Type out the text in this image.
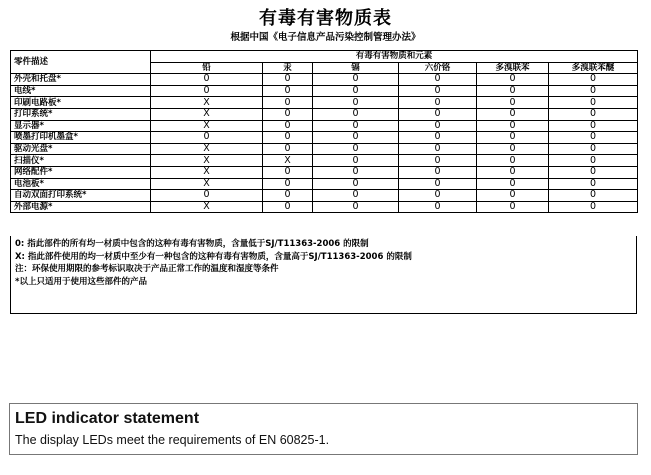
有毒有害物质表
根据中国《电子信息产品污染控制管理办法》
零件描述	有毒有害物质和元素					
	铅	汞	镉	六价铬	多溴联苯	多溴联苯醚
外壳和托盘*	0	0	0	0	0	0
电线*	0	0	0	0	0	0
印刷电路板*	X	0	0	0	0	0
打印系统*	X	0	0	0	0	0
显示器*	X	0	0	0	0	0
喷墨打印机墨盒*	0	0	0	0	0	0
驱动光盘*	X	0	0	0	0	0
扫描仪*	X	X	0	0	0	0
网络配件*	X	0	0	0	0	0
电池板*	X	0	0	0	0	0
自动双面打印系统*	0	0	0	0	0	0
外部电源*	X	0	0	0	0	0
0: 指此部件的所有均一材质中包含的这种有毒有害物质，含量低于SJ/T11363-2006 的限制
X: 指此部件使用的均一材质中至少有一种包含的这种有毒有害物质，含量高于SJ/T11363-2006 的限制
注：环保使用期限的参考标识取决于产品正常工作的温度和湿度等条件
*以上只适用于使用这些部件的产品
LED indicator statement
The display LEDs meet the requirements of EN 60825-1.
